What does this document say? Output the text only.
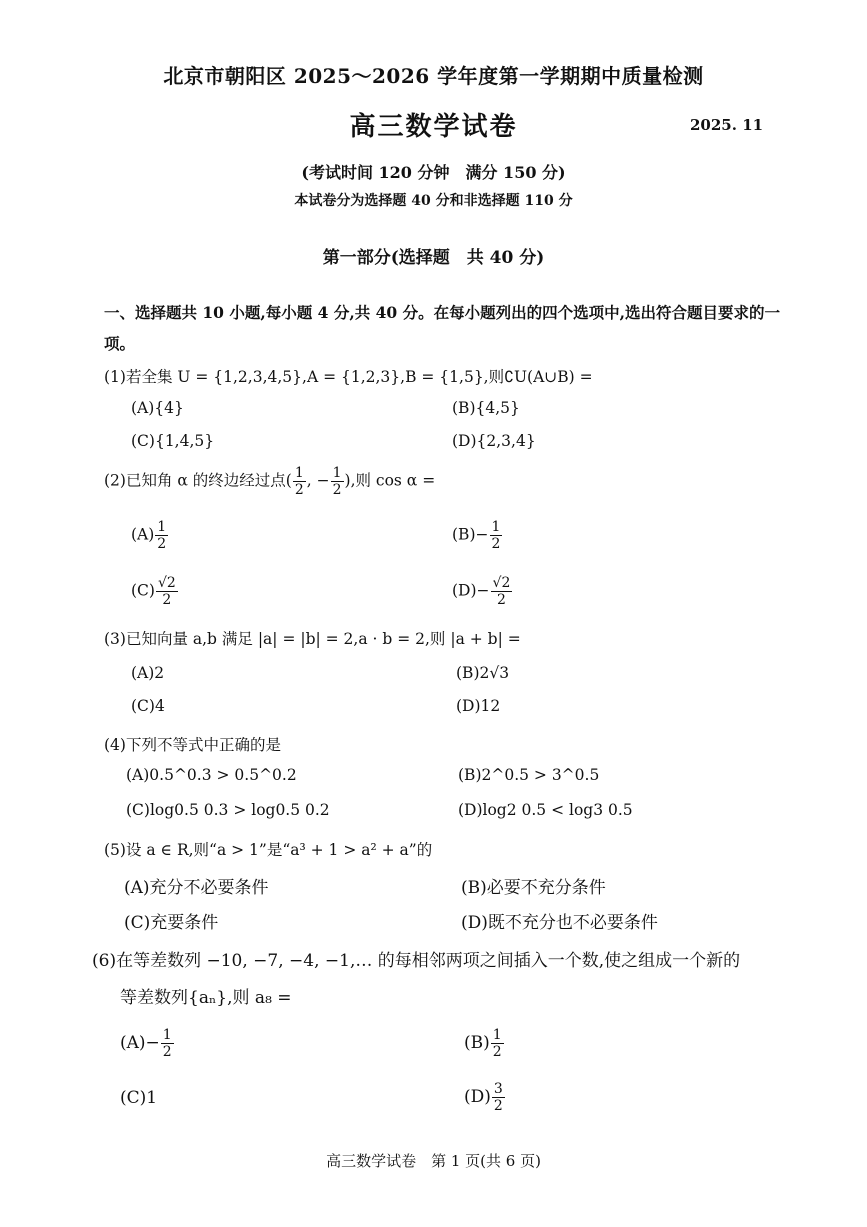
北京市朝阳区 2025～2026 学年度第一学期期中质量检测
高三数学试卷	2025. 11
(考试时间 120 分钟　满分 150 分)
本试卷分为选择题 40 分和非选择题 110 分
第一部分(选择题　共 40 分)
一、选择题共 10 小题,每小题 4 分,共 40 分。在每小题列出的四个选项中,选出符合题目要求的一项。
(1)若全集 U = {1,2,3,4,5},A = {1,2,3},B = {1,5},则∁U(A∪B) =
(A){4}	(B){4,5}
(C){1,4,5}	(D){2,3,4}
(2)已知角 α 的终边经过点( $\frac{1}{2}$ , − $\frac{1}{2}$ ),则 cos α =
$(A) \frac{1}{2}$	$(B)- \frac{1}{2}$
$(C) \frac{√2}{2}$	$(D)- \frac{√2}{2}$
(3)已知向量 a,b 满足 |a| = |b| = 2,a · b = 2,则 |a + b| =
(A)2	(B)2√3
(C)4	(D)12
(4)下列不等式中正确的是
(A)0.5^0.3 > 0.5^0.2	(B)2^0.5 > 3^0.5
(C)log0.5 0.3 > log0.5 0.2	(D)log2 0.5 < log3 0.5
(5)设 a ∈ R,则“a > 1”是“a³ + 1 > a² + a”的
(A)充分不必要条件	(B)必要不充分条件
(C)充要条件	(D)既不充分也不必要条件
(6)在等差数列 −10, −7, −4, −1,… 的每相邻两项之间插入一个数,使之组成一个新的
等差数列{aₙ},则 a₈ =
$(A)- \frac{1}{2}$	$(B) \frac{1}{2}$
(C)1	$(D) \frac{3}{2}$
高三数学试卷　第 1 页(共 6 页)
